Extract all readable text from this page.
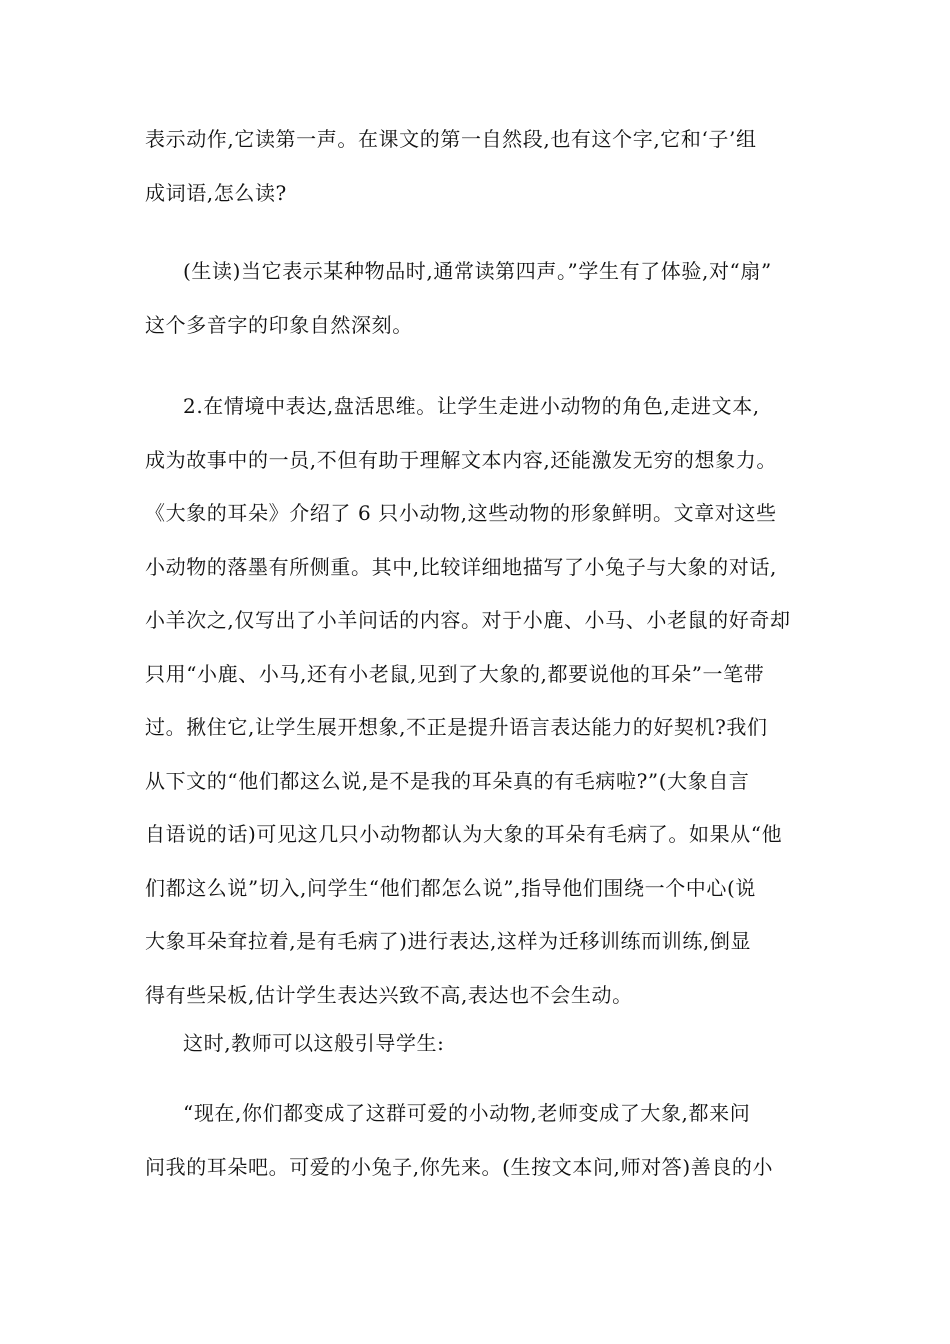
表示动作,它读第一声。在课文的第一自然段,也有这个字,它和‘子’组
成词语,怎么读?
(生读)当它表示某种物品时,通常读第四声。”学生有了体验,对“扇”
这个多音字的印象自然深刻。
2.在情境中表达,盘活思维。让学生走进小动物的角色,走进文本,
成为故事中的一员,不但有助于理解文本内容,还能激发无穷的想象力。
《大象的耳朵》介绍了 6 只小动物,这些动物的形象鲜明。文章对这些
小动物的落墨有所侧重。其中,比较详细地描写了小兔子与大象的对话,
小羊次之,仅写出了小羊问话的内容。对于小鹿、小马、小老鼠的好奇却
只用“小鹿、小马,还有小老鼠,见到了大象的,都要说他的耳朵”一笔带
过。揪住它,让学生展开想象,不正是提升语言表达能力的好契机?我们
从下文的“他们都这么说,是不是我的耳朵真的有毛病啦?”(大象自言
自语说的话)可见这几只小动物都认为大象的耳朵有毛病了。如果从“他
们都这么说”切入,问学生“他们都怎么说”,指导他们围绕一个中心(说
大象耳朵耷拉着,是有毛病了)进行表达,这样为迁移训练而训练,倒显
得有些呆板,估计学生表达兴致不高,表达也不会生动。
这时,教师可以这般引导学生:
“现在,你们都变成了这群可爱的小动物,老师变成了大象,都来问
问我的耳朵吧。可爱的小兔子,你先来。(生按文本问,师对答)善良的小
